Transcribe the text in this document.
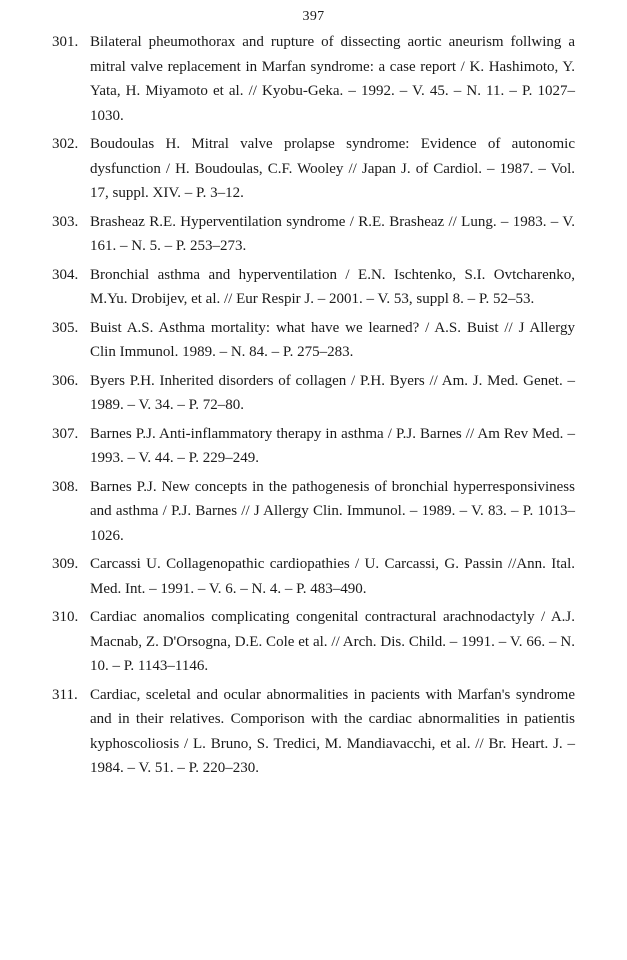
397
301. Bilateral pheumothorax and rupture of dissecting aortic aneurism follwing a mitral valve replacement in Marfan syndrome: a case report / K. Hashimoto, Y. Yata, H. Miyamoto et al. // Kyobu-Geka. – 1992. – V. 45. – N. 11. – P. 1027–1030.
302. Boudoulas H. Mitral valve prolapse syndrome: Evidence of autonomic dysfunction / H. Boudoulas, C.F. Wooley // Japan J. of Cardiol. – 1987. – Vol. 17, suppl. XIV. – P. 3–12.
303. Brasheaz R.E. Hyperventilation syndrome / R.E. Brasheaz // Lung. – 1983. – V. 161. – N. 5. – P. 253–273.
304. Bronchial asthma and hyperventilation / E.N. Ischtenko, S.I. Ovtcharenko, M.Yu. Drobijev, et al. // Eur Respir J. – 2001. – V. 53, suppl 8. – P. 52–53.
305. Buist A.S. Asthma mortality: what have we learned? / A.S. Buist // J Allergy Clin Immunol. 1989. – N. 84. – P. 275–283.
306. Byers P.H. Inherited disorders of collagen / P.H. Byers // Am. J. Med. Genet. – 1989. – V. 34. – P. 72–80.
307. Barnes P.J. Anti-inflammatory therapy in asthma / P.J. Barnes // Am Rev Med. – 1993. – V. 44. – P. 229–249.
308. Barnes P.J. New concepts in the pathogenesis of bronchial hyperresponsiviness and asthma / P.J. Barnes // J Allergy Clin. Immunol. – 1989. – V. 83. – P. 1013–1026.
309. Carcassi U. Collagenopathic cardiopathies / U. Carcassi, G. Passin //Ann. Ital. Med. Int. – 1991. – V. 6. – N. 4. – P. 483–490.
310. Cardiac anomalios complicating congenital contractural arachnodactyly / A.J. Macnab, Z. D'Orsogna, D.E. Cole et al. // Arch. Dis. Child. – 1991. – V. 66. – N. 10. – P. 1143–1146.
311. Cardiac, sceletal and ocular abnormalities in pacients with Marfan's syndrome and in their relatives. Comporison with the cardiac abnormalities in patientis kyphoscoliosis / L. Bruno, S. Tredici, M. Mandiavacchi, et al. // Br. Heart. J. – 1984. – V. 51. – P. 220–230.
